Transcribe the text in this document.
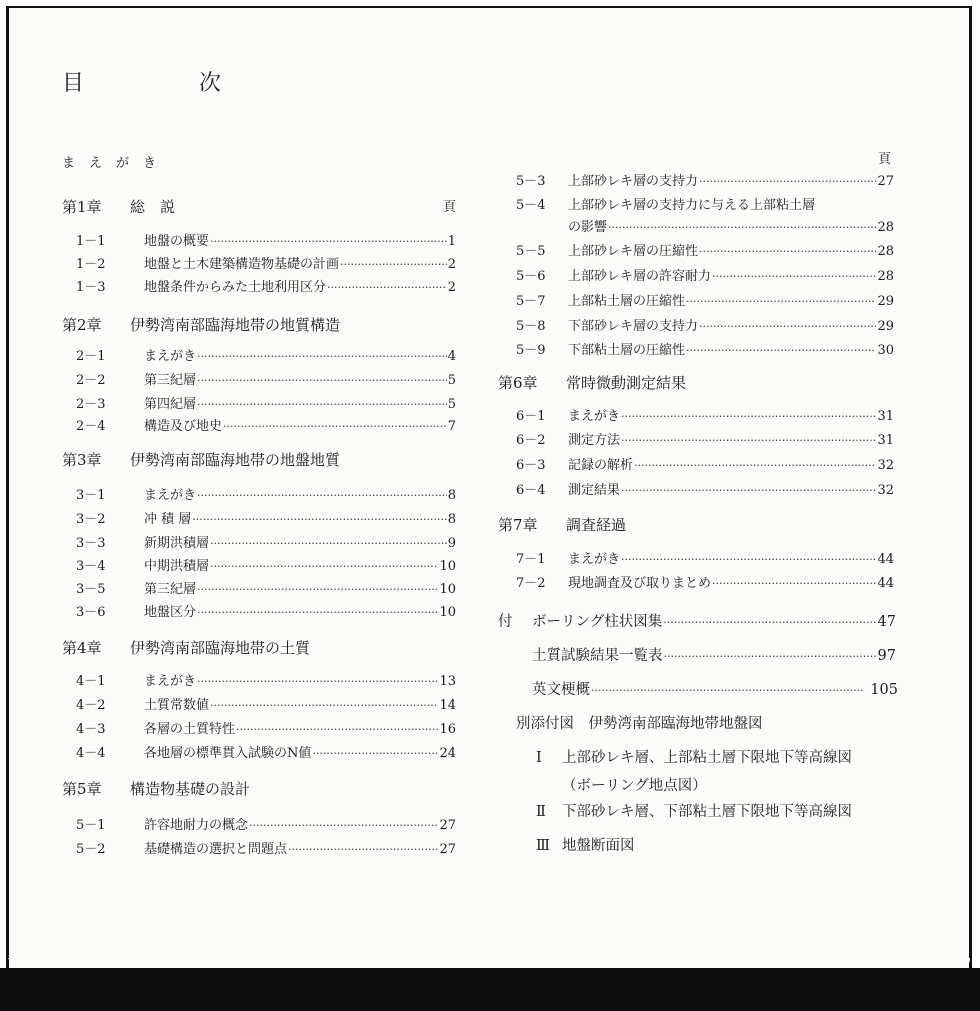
目 次
まえがき
第1章 総　説	頁
1－1	地盤の概要 ·····	1
1－2	地盤と土木建築構造物基礎の計画 ·····	2
1－3	地盤条件からみた土地利用区分 ·····	2
第2章 伊勢湾南部臨海地帯の地質構造
2－1	まえがき ·····	4
2－2	第三紀層 ·····	5
2－3	第四紀層 ·····	5
2－4	構造及び地史 ·····	7
第3章 伊勢湾南部臨海地帯の地盤地質
3－1	まえがき ·····	8
3－2	冲 積 層 ·····	8
3－3	新期洪積層 ·····	9
3－4	中期洪積層 ·····	10
3－5	第三紀層 ·····	10
3－6	地盤区分 ·····	10
第4章 伊勢湾南部臨海地帯の土質
4－1	まえがき ·····	13
4－2	土質常数値 ·····	14
4－3	各層の土質特性 ·····	16
4－4	各地層の標準貫入試験のN値 ·····	24
第5章 構造物基礎の設計
5－1	許容地耐力の概念 ·····	27
5－2	基礎構造の選択と問題点 ·····	27
頁
5－3	上部砂レキ層の支持力 ·····	27
5－4	上部砂レキ層の支持力に与える上部粘土層
の影響 ·····	28
5－5	上部砂レキ層の圧縮性 ·····	28
5－6	上部砂レキ層の許容耐力 ·····	28
5－7	上部粘土層の圧縮性 ·····	29
5－8	下部砂レキ層の支持力 ·····	29
5－9	下部粘土層の圧縮性 ·····	30
第6章 常時微動測定結果
6－1	まえがき ·····	31
6－2	測定方法 ·····	31
6－3	記録の解析 ·····	32
6－4	測定結果 ·····	32
第7章 調査経過
7－1	まえがき ·····	44
7－2	現地調査及び取りまとめ ·····	44
付	ボーリング柱状図集 ·····	47
土質試験結果一覧表 ·····	97
英文梗概 ·····	105
別添付図　伊勢湾南部臨海地帯地盤図
Ⅰ 上部砂レキ層、上部粘土層下限地下等高線図
（ボーリング地点図）
Ⅱ 下部砂レキ層、下部粘土層下限地下等高線図
Ⅲ 地盤断面図
